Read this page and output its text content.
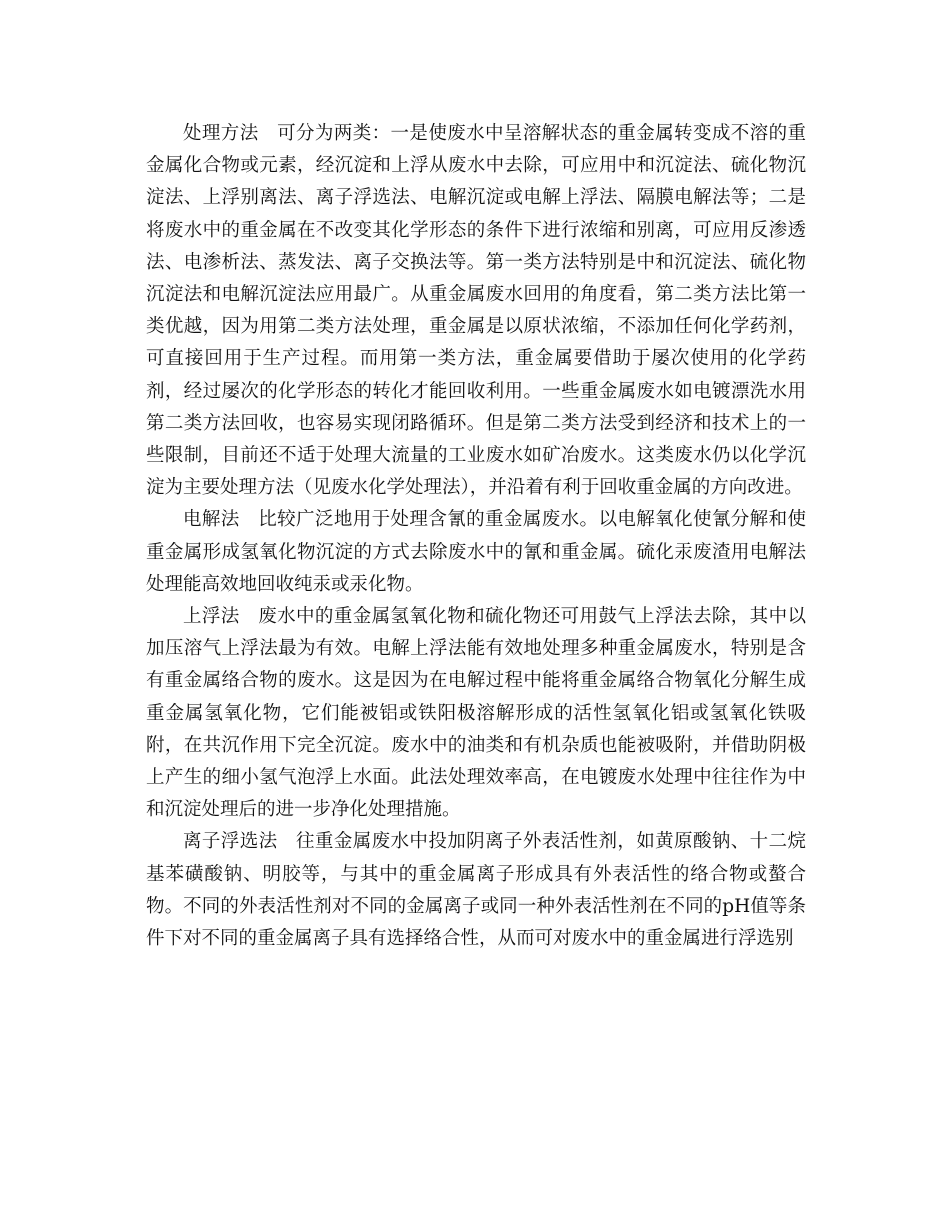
处理方法 可分为两类：一是使废水中呈溶解状态的重金属转变成不溶的重金属化合物或元素，经沉淀和上浮从废水中去除，可应用中和沉淀法、硫化物沉淀法、上浮别离法、离子浮选法、电解沉淀或电解上浮法、隔膜电解法等；二是将废水中的重金属在不改变其化学形态的条件下进行浓缩和别离，可应用反渗透法、电渗析法、蒸发法、离子交换法等。第一类方法特别是中和沉淀法、硫化物沉淀法和电解沉淀法应用最广。从重金属废水回用的角度看，第二类方法比第一类优越，因为用第二类方法处理，重金属是以原状浓缩，不添加任何化学药剂，可直接回用于生产过程。而用第一类方法，重金属要借助于屡次使用的化学药剂，经过屡次的化学形态的转化才能回收利用。一些重金属废水如电镀漂洗水用第二类方法回收，也容易实现闭路循环。但是第二类方法受到经济和技术上的一些限制，目前还不适于处理大流量的工业废水如矿冶废水。这类废水仍以化学沉淀为主要处理方法（见废水化学处理法），并沿着有利于回收重金属的方向改进。

电解法 比较广泛地用于处理含氰的重金属废水。以电解氧化使氰分解和使重金属形成氢氧化物沉淀的方式去除废水中的氰和重金属。硫化汞废渣用电解法处理能高效地回收纯汞或汞化物。

上浮法 废水中的重金属氢氧化物和硫化物还可用鼓气上浮法去除，其中以加压溶气上浮法最为有效。电解上浮法能有效地处理多种重金属废水，特别是含有重金属络合物的废水。这是因为在电解过程中能将重金属络合物氧化分解生成重金属氢氧化物，它们能被铝或铁阳极溶解形成的活性氢氧化铝或氢氧化铁吸附，在共沉作用下完全沉淀。废水中的油类和有机杂质也能被吸附，并借助阴极上产生的细小氢气泡浮上水面。此法处理效率高，在电镀废水处理中往往作为中和沉淀处理后的进一步净化处理措施。

离子浮选法 往重金属废水中投加阴离子外表活性剂，如黄原酸钠、十二烷基苯磺酸钠、明胶等，与其中的重金属离子形成具有外表活性的络合物或螯合物。不同的外表活性剂对不同的金属离子或同一种外表活性剂在不同的pH值等条件下对不同的重金属离子具有选择络合性，从而可对废水中的重金属进行浮选别
